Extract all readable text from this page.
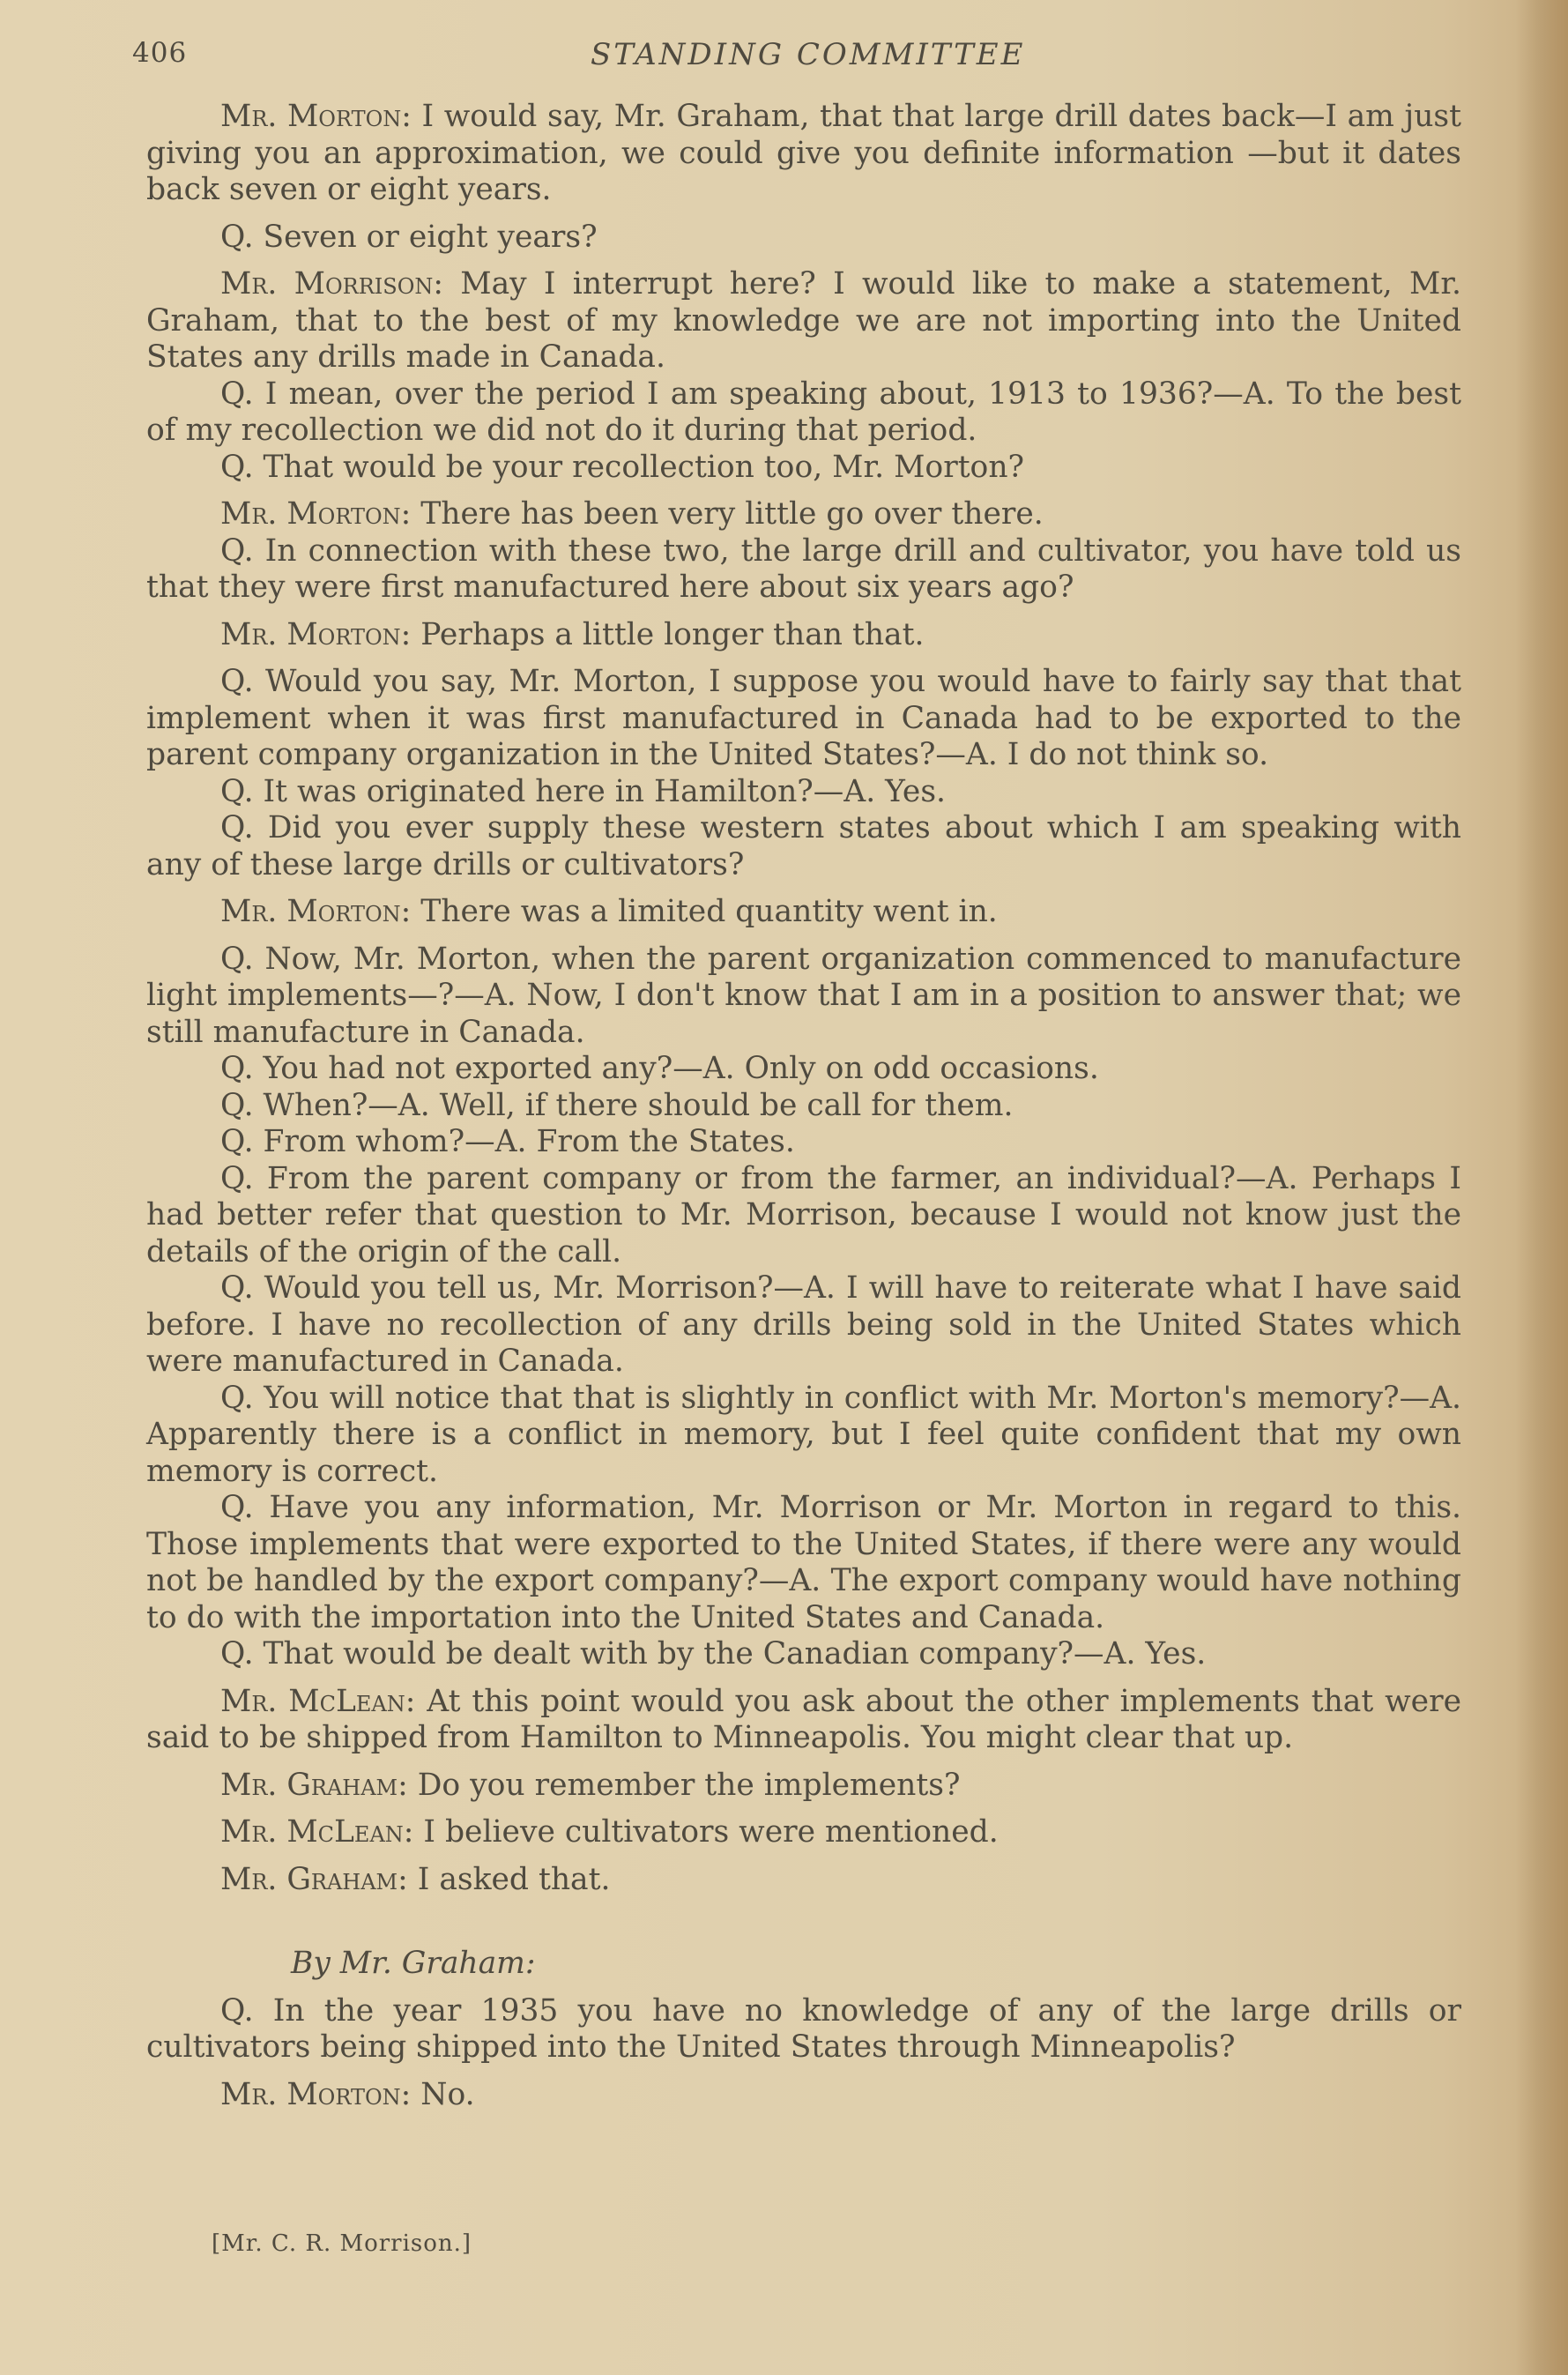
406	STANDING COMMITTEE

Mr. Morton: I would say, Mr. Graham, that that large drill dates back—I am just giving you an approximation, we could give you definite information —but it dates back seven or eight years.

Q. Seven or eight years?

Mr. Morrison: May I interrupt here? I would like to make a statement, Mr. Graham, that to the best of my knowledge we are not importing into the United States any drills made in Canada.

Q. I mean, over the period I am speaking about, 1913 to 1936?—A. To the best of my recollection we did not do it during that period.

Q. That would be your recollection too, Mr. Morton?

Mr. Morton: There has been very little go over there.

Q. In connection with these two, the large drill and cultivator, you have told us that they were first manufactured here about six years ago?

Mr. Morton: Perhaps a little longer than that.

Q. Would you say, Mr. Morton, I suppose you would have to fairly say that that implement when it was first manufactured in Canada had to be exported to the parent company organization in the United States?—A. I do not think so.

Q. It was originated here in Hamilton?—A. Yes.

Q. Did you ever supply these western states about which I am speaking with any of these large drills or cultivators?

Mr. Morton: There was a limited quantity went in.

Q. Now, Mr. Morton, when the parent organization commenced to manufacture light implements—?—A. Now, I don't know that I am in a position to answer that; we still manufacture in Canada.

Q. You had not exported any?—A. Only on odd occasions.

Q. When?—A. Well, if there should be call for them.

Q. From whom?—A. From the States.

Q. From the parent company or from the farmer, an individual?—A. Perhaps I had better refer that question to Mr. Morrison, because I would not know just the details of the origin of the call.

Q. Would you tell us, Mr. Morrison?—A. I will have to reiterate what I have said before. I have no recollection of any drills being sold in the United States which were manufactured in Canada.

Q. You will notice that that is slightly in conflict with Mr. Morton's memory?—A. Apparently there is a conflict in memory, but I feel quite confident that my own memory is correct.

Q. Have you any information, Mr. Morrison or Mr. Morton in regard to this. Those implements that were exported to the United States, if there were any would not be handled by the export company?—A. The export company would have nothing to do with the importation into the United States and Canada.

Q. That would be dealt with by the Canadian company?—A. Yes.

Mr. McLean: At this point would you ask about the other implements that were said to be shipped from Hamilton to Minneapolis. You might clear that up.

Mr. Graham: Do you remember the implements?

Mr. McLean: I believe cultivators were mentioned.

Mr. Graham: I asked that.

By Mr. Graham:

Q. In the year 1935 you have no knowledge of any of the large drills or cultivators being shipped into the United States through Minneapolis?

Mr. Morton: No.

[Mr. C. R. Morrison.]
